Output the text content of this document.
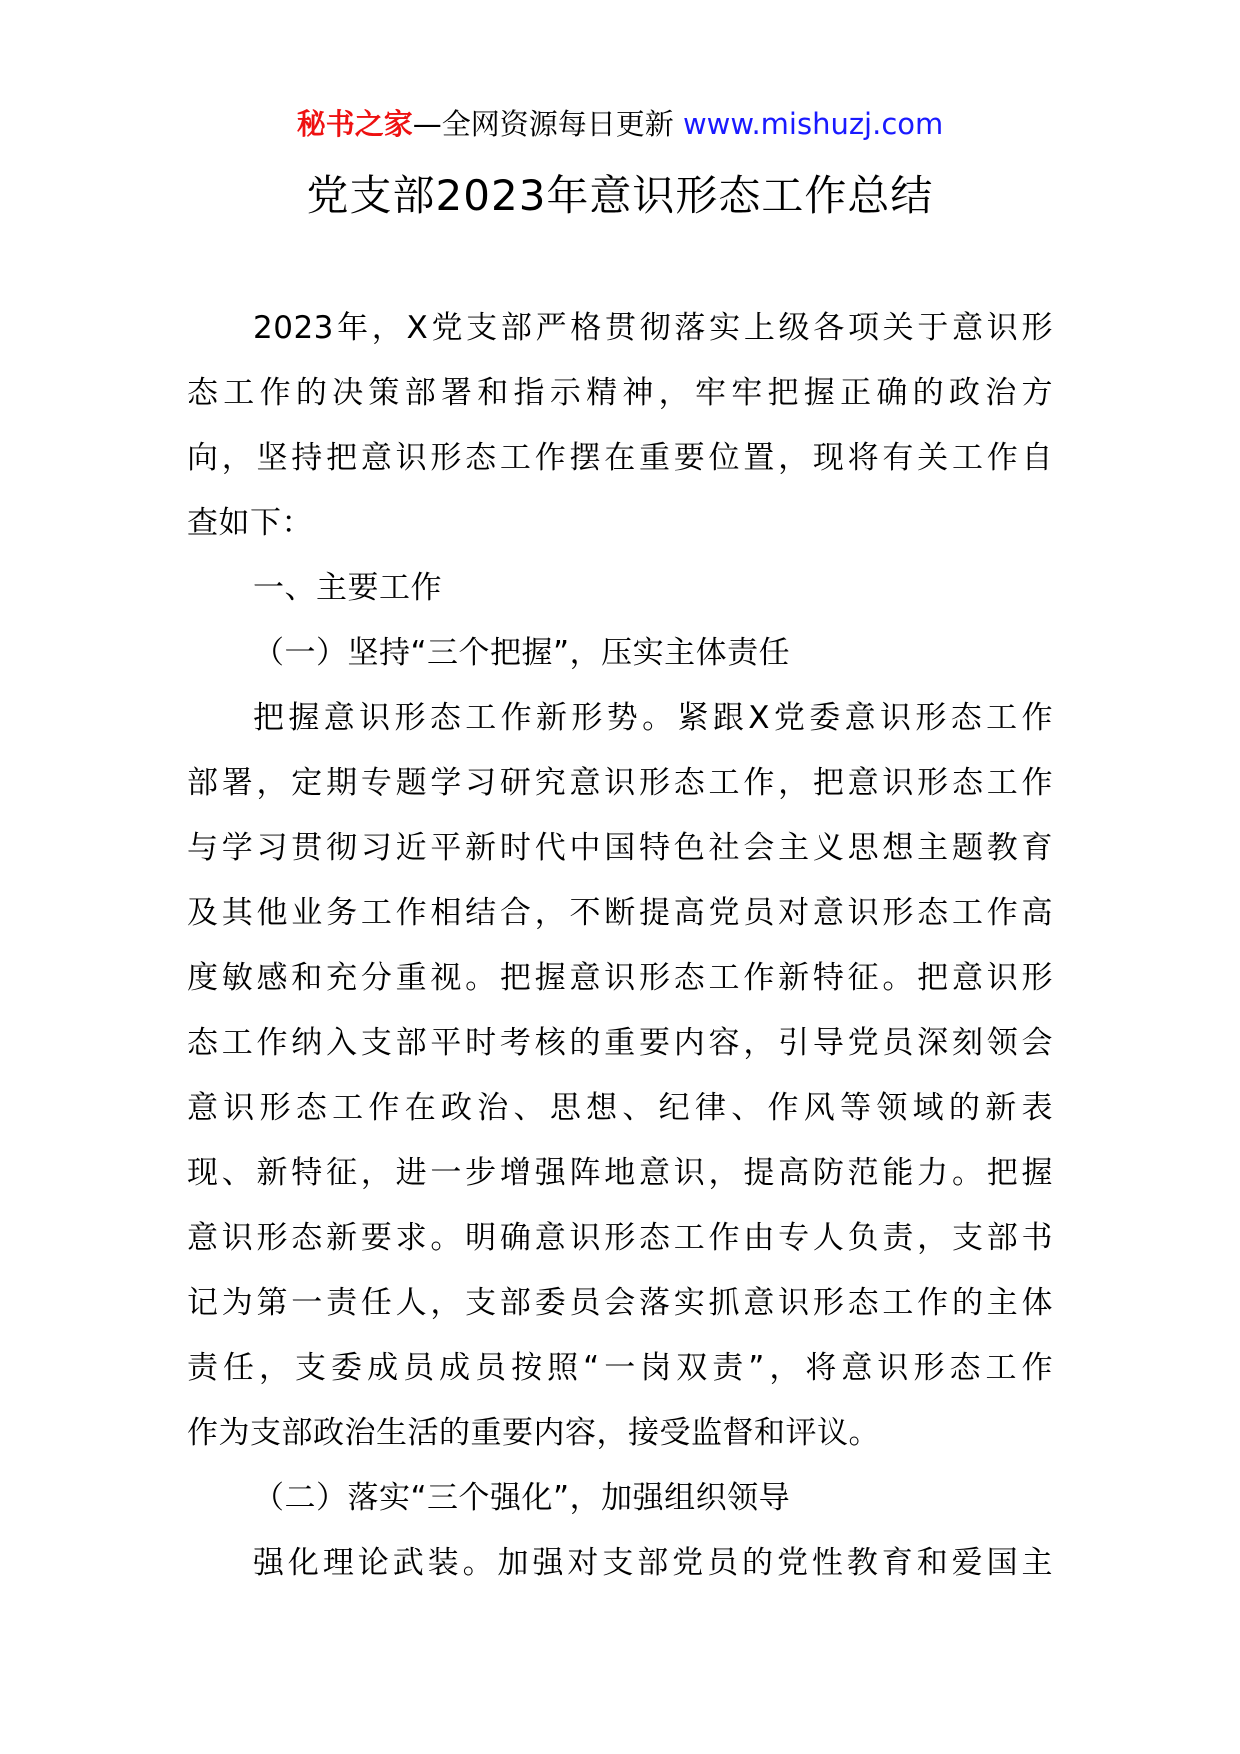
秘书之家—全网资源每日更新 www.mishuzj.com
党支部2023年意识形态工作总结
2023年，X党支部严格贯彻落实上级各项关于意识形
态工作的决策部署和指示精神，牢牢把握正确的政治方
向，坚持把意识形态工作摆在重要位置，现将有关工作自
查如下：
一、主要工作
（一）坚持“三个把握”，压实主体责任
把握意识形态工作新形势。紧跟X党委意识形态工作
部署，定期专题学习研究意识形态工作，把意识形态工作
与学习贯彻习近平新时代中国特色社会主义思想主题教育
及其他业务工作相结合，不断提高党员对意识形态工作高
度敏感和充分重视。把握意识形态工作新特征。把意识形
态工作纳入支部平时考核的重要内容，引导党员深刻领会
意识形态工作在政治、思想、纪律、作风等领域的新表
现、新特征，进一步增强阵地意识，提高防范能力。把握
意识形态新要求。明确意识形态工作由专人负责，支部书
记为第一责任人，支部委员会落实抓意识形态工作的主体
责任，支委成员成员按照“一岗双责”，将意识形态工作
作为支部政治生活的重要内容，接受监督和评议。
（二）落实“三个强化”，加强组织领导
强化理论武装。加强对支部党员的党性教育和爱国主
